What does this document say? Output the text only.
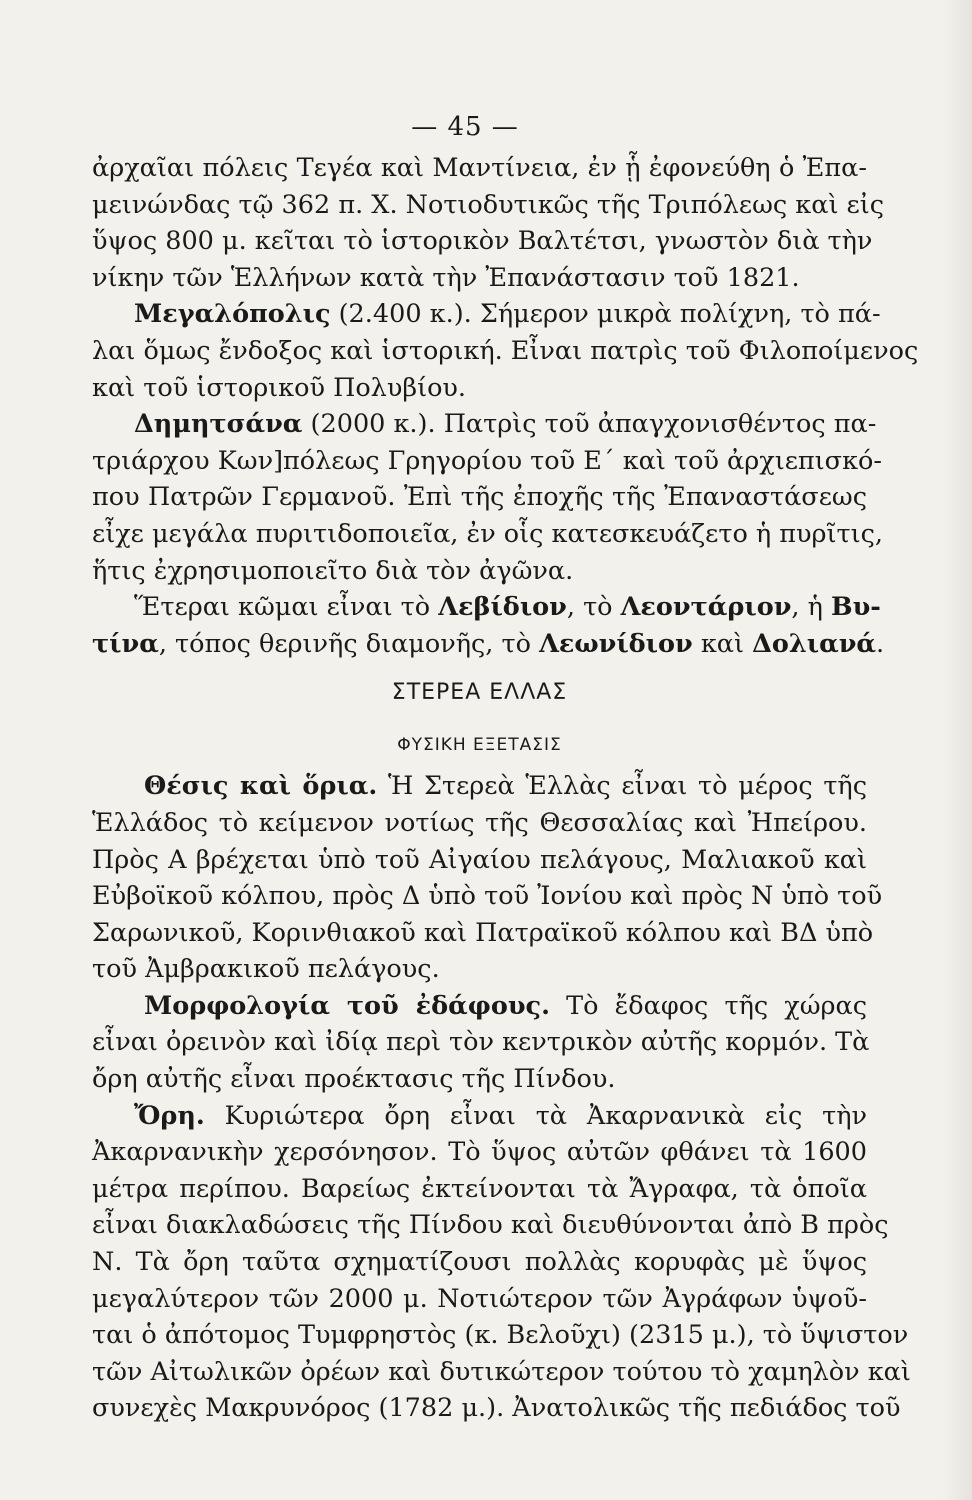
— 45 —
ἀρχαῖαι πόλεις Τεγέα καὶ Μαντίνεια, ἐν ᾗ ἐφονεύθη ὁ Ἐπα-
μεινώνδας τῷ 362 π. Χ. Νοτιοδυτικῶς τῆς Τριπόλεως καὶ εἰς
ὕψος 800 μ. κεῖται τὸ ἱστορικὸν Βαλτέτσι, γνωστὸν διὰ τὴν
νίκην τῶν Ἑλλήνων κατὰ τὴν Ἐπανάστασιν τοῦ 1821.
Μεγαλόπολις (2.400 κ.). Σήμερον μικρὰ πολίχνη, τὸ πά-
λαι ὅμως ἔνδοξος καὶ ἱστορική. Εἶναι πατρὶς τοῦ Φιλοποίμενος
καὶ τοῦ ἱστορικοῦ Πολυβίου.
Δημητσάνα (2000 κ.). Πατρὶς τοῦ ἀπαγχονισθέντος πα-
τριάρχου Κων]πόλεως Γρηγορίου τοῦ Ε΄ καὶ τοῦ ἀρχιεπισκό-
που Πατρῶν Γερμανοῦ. Ἐπὶ τῆς ἐποχῆς τῆς Ἐπαναστάσεως
εἶχε μεγάλα πυριτιδοποιεῖα, ἐν οἷς κατεσκευάζετο ἡ πυρῖτις,
ἥτις ἐχρησιμοποιεῖτο διὰ τὸν ἀγῶνα.
Ἕτεραι κῶμαι εἶναι τὸ Λεβίδιον, τὸ Λεοντάριον, ἡ Βυ-
τίνα, τόπος θερινῆς διαμονῆς, τὸ Λεωνίδιον καὶ Δολιανά.
ΣΤΕΡΕΑ ΕΛΛΑΣ
ΦΥΣΙΚΗ ΕΞΕΤΑΣΙΣ
Θέσις καὶ ὅρια. Ἡ Στερεὰ Ἑλλὰς εἶναι τὸ μέρος τῆς
Ἑλλάδος τὸ κείμενον νοτίως τῆς Θεσσαλίας καὶ Ἠπείρου.
Πρὸς Α βρέχεται ὑπὸ τοῦ Αἰγαίου πελάγους, Μαλιακοῦ καὶ
Εὐβοϊκοῦ κόλπου, πρὸς Δ ὑπὸ τοῦ Ἰονίου καὶ πρὸς Ν ὑπὸ τοῦ
Σαρωνικοῦ, Κορινθιακοῦ καὶ Πατραϊκοῦ κόλπου καὶ ΒΔ ὑπὸ
τοῦ Ἀμβρακικοῦ πελάγους.
Μορφολογία τοῦ ἐδάφους. Τὸ ἔδαφος τῆς χώρας
εἶναι ὀρεινὸν καὶ ἰδίᾳ περὶ τὸν κεντρικὸν αὐτῆς κορμόν. Τὰ
ὄρη αὐτῆς εἶναι προέκτασις τῆς Πίνδου.
Ὄρη. Κυριώτερα ὄρη εἶναι τὰ Ἀκαρνανικὰ εἰς τὴν
Ἀκαρνανικὴν χερσόνησον. Τὸ ὕψος αὐτῶν φθάνει τὰ 1600
μέτρα περίπου. Βαρείως ἐκτείνονται τὰ Ἄγραφα, τὰ ὁποῖα
εἶναι διακλαδώσεις τῆς Πίνδου καὶ διευθύνονται ἀπὸ Β πρὸς
Ν. Τὰ ὄρη ταῦτα σχηματίζουσι πολλὰς κορυφὰς μὲ ὕψος
μεγαλύτερον τῶν 2000 μ. Νοτιώτερον τῶν Ἀγράφων ὑψοῦ-
ται ὁ ἀπότομος Τυμφρηστὸς (κ. Βελοῦχι) (2315 μ.), τὸ ὕψιστον
τῶν Αἰτωλικῶν ὀρέων καὶ δυτικώτερον τούτου τὸ χαμηλὸν καὶ
συνεχὲς Μακρυνόρος (1782 μ.). Ἀνατολικῶς τῆς πεδιάδος τοῦ
